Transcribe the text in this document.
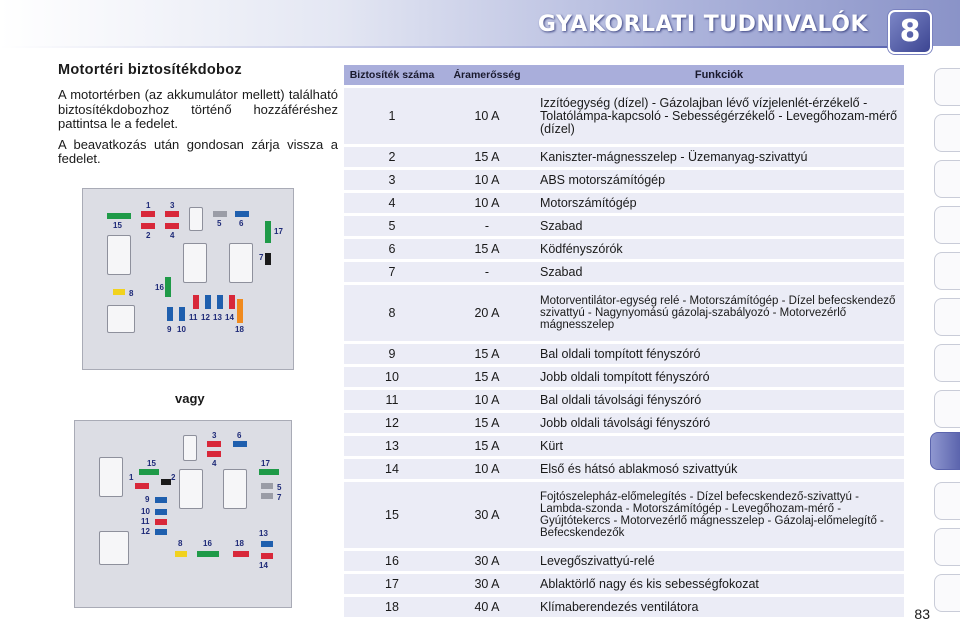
GYAKORLATI TUDNIVALÓK	8
Motortéri biztosítékdoboz
A motortérben (az akkumulátor mellett) található biztosítékdobozhoz történő hozzáféréshez pattintsa le a fedelet.
A beavatkozás után gondosan zárja vissza a fedelet.
1 3
15
2 4
5 6
17
7
8
16
9 10
11 12 13 14
18
vagy
3	6
15
1	2
4	17
5
7
9
10
11
12	13
8	16	18
14
Biztosíték száma	Áramerősség	Funkciók
1	10 A	Izzítóegység (dízel) - Gázolajban lévő vízjelenlét-érzékelő - Tolatólámpa-kapcsoló - Sebességérzékelő - Levegőhozam-mérő (dízel)
2	15 A	Kaniszter-mágnesszelep - Üzemanyag-szivattyú
3	10 A	ABS motorszámítógép
4	10 A	Motorszámítógép
5	-	Szabad
6	15 A	Ködfényszórók
7	-	Szabad
8	20 A	Motorventilátor-egység relé - Motorszámítógép - Dízel befecskendező szivattyú - Nagynyomású gázolaj-szabályozó - Motorvezérlő mágnesszelep
9	15 A	Bal oldali tompított fényszóró
10	15 A	Jobb oldali tompított fényszóró
11	10 A	Bal oldali távolsági fényszóró
12	15 A	Jobb oldali távolsági fényszóró
13	15 A	Kürt
14	10 A	Első és hátsó ablakmosó szivattyúk
15	30 A	Fojtószelepház-előmelegítés - Dízel befecskendező-szivattyú - Lambda-szonda - Motorszámítógép - Levegőhozam-mérő - Gyújtótekercs - Motorvezérlő mágnesszelep - Gázolaj-előmelegítő - Befecskendezők
16	30 A	Levegőszivattyú-relé
17	30 A	Ablaktörlő nagy és kis sebességfokozat
18	40 A	Klímaberendezés ventilátora	83
